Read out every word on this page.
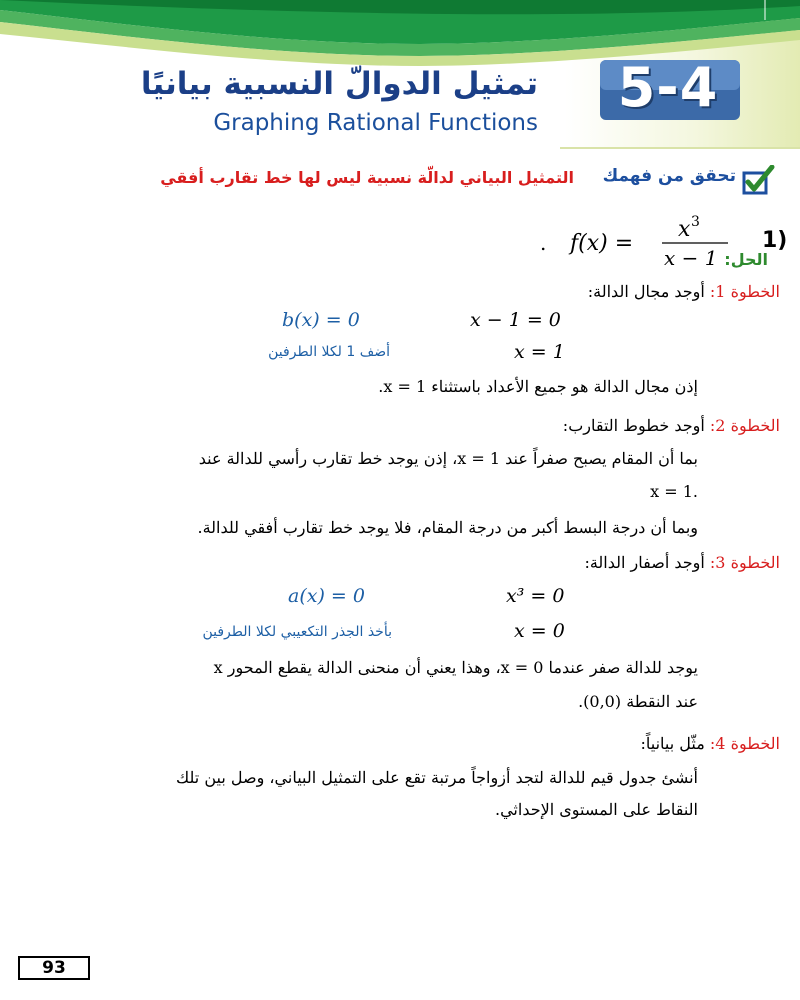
5-4
تمثيل الدوالّ النسبية بيانيًا
Graphing Rational Functions
تحقق من فهمك
التمثيل البياني لدالّة نسبية ليس لها خط تقارب أفقي
1)
. f(x) =
x 3
x − 1 الحل:
الخطوة 1: أوجد مجال الدالة:
x − 1 = 0
b(x) = 0
x = 1
أضف 1 لكلا الطرفين
إذن مجال الدالة هو جميع الأعداد باستثناء x = 1.
الخطوة 2: أوجد خطوط التقارب:
بما أن المقام يصبح صفراً عند x = 1، إذن يوجد خط تقارب رأسي للدالة عند
.x = 1
وبما أن درجة البسط أكبر من درجة المقام، فلا يوجد خط تقارب أفقي للدالة.
الخطوة 3: أوجد أصفار الدالة:
x³ = 0
a(x) = 0
x = 0
بأخذ الجذر التكعيبي لكلا الطرفين
يوجد للدالة صفر عندما x = 0، وهذا يعني أن منحنى الدالة يقطع المحور x
عند النقطة (0,0).
الخطوة 4: مثّل بيانياً:
أنشئ جدول قيم للدالة لتجد أزواجاً مرتبة تقع على التمثيل البياني، وصل بين تلك
النقاط على المستوى الإحداثي.
93
